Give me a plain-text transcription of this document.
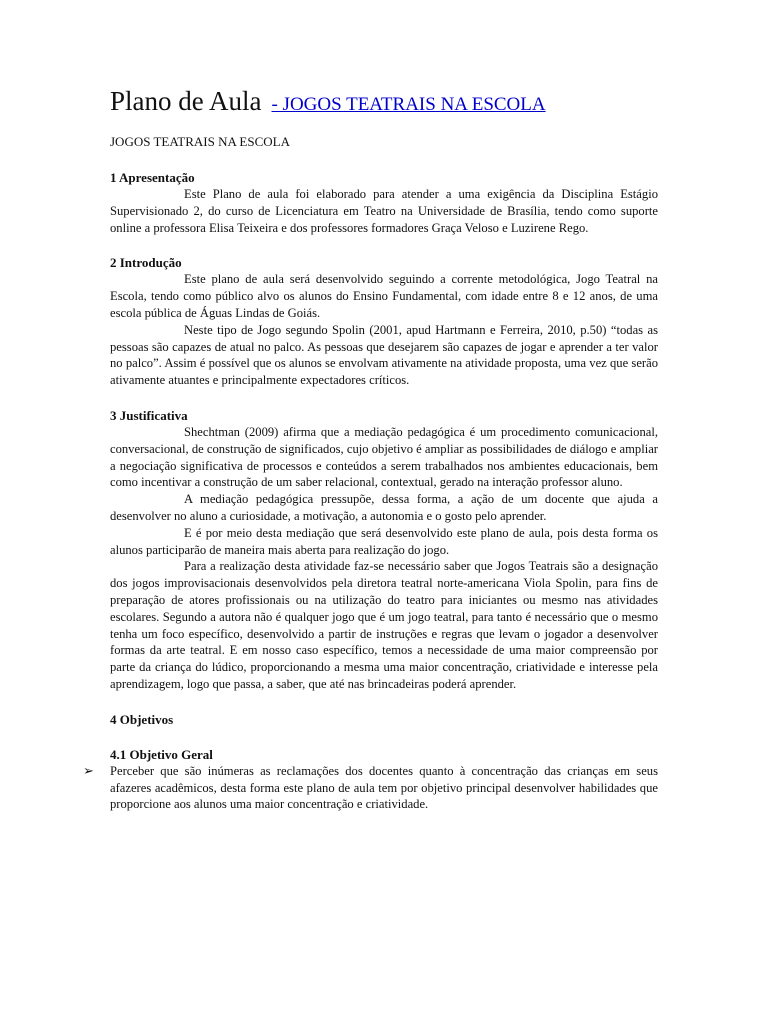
Plano de Aula - JOGOS TEATRAIS NA ESCOLA
JOGOS TEATRAIS NA ESCOLA
1 Apresentação

Este Plano de aula foi elaborado para atender a uma exigência da Disciplina Estágio Supervisionado 2, do curso de Licenciatura em Teatro na Universidade de Brasília, tendo como suporte online a professora Elisa Teixeira e dos professores formadores Graça Veloso e Luzirene Rego.

2 Introdução

Este plano de aula será desenvolvido seguindo a corrente metodológica, Jogo Teatral na Escola, tendo como público alvo os alunos do Ensino Fundamental, com idade entre 8 e 12 anos, de uma escola pública de Águas Lindas de Goiás.

Neste tipo de Jogo segundo Spolin (2001, apud Hartmann e Ferreira, 2010, p.50) “todas as pessoas são capazes de atual no palco. As pessoas que desejarem são capazes de jogar e aprender a ter valor no palco”. Assim é possível que os alunos se envolvam ativamente na atividade proposta, uma vez que serão ativamente atuantes e principalmente expectadores críticos.

3 Justificativa

Shechtman (2009) afirma que a mediação pedagógica é um procedimento comunicacional, conversacional, de construção de significados, cujo objetivo é ampliar as possibilidades de diálogo e ampliar a negociação significativa de processos e conteúdos a serem trabalhados nos ambientes educacionais, bem como incentivar a construção de um saber relacional, contextual, gerado na interação professor aluno.

A mediação pedagógica pressupõe, dessa forma, a ação de um docente que ajuda a desenvolver no aluno a curiosidade, a motivação, a autonomia e o gosto pelo aprender.

E é por meio desta mediação que será desenvolvido este plano de aula, pois desta forma os alunos participarão de maneira mais aberta para realização do jogo.

Para a realização desta atividade faz-se necessário saber que Jogos Teatrais são a designação dos jogos improvisacionais desenvolvidos pela diretora teatral norte-americana Viola Spolin, para fins de preparação de atores profissionais ou na utilização do teatro para iniciantes ou mesmo nas atividades escolares. Segundo a autora não é qualquer jogo que é um jogo teatral, para tanto é necessário que o mesmo tenha um foco específico, desenvolvido a partir de instruções e regras que levam o jogador a desenvolver formas da arte teatral. E em nosso caso específico, temos a necessidade de uma maior compreensão por parte da criança do lúdico, proporcionando a mesma uma maior concentração, criatividade e interesse pela aprendizagem, logo que passa, a saber, que até nas brincadeiras poderá aprender.

4 Objetivos
4.1 Objetivo Geral
➢ Perceber que são inúmeras as reclamações dos docentes quanto à concentração das crianças em seus afazeres acadêmicos, desta forma este plano de aula tem por objetivo principal desenvolver habilidades que proporcione aos alunos uma maior concentração e criatividade.
